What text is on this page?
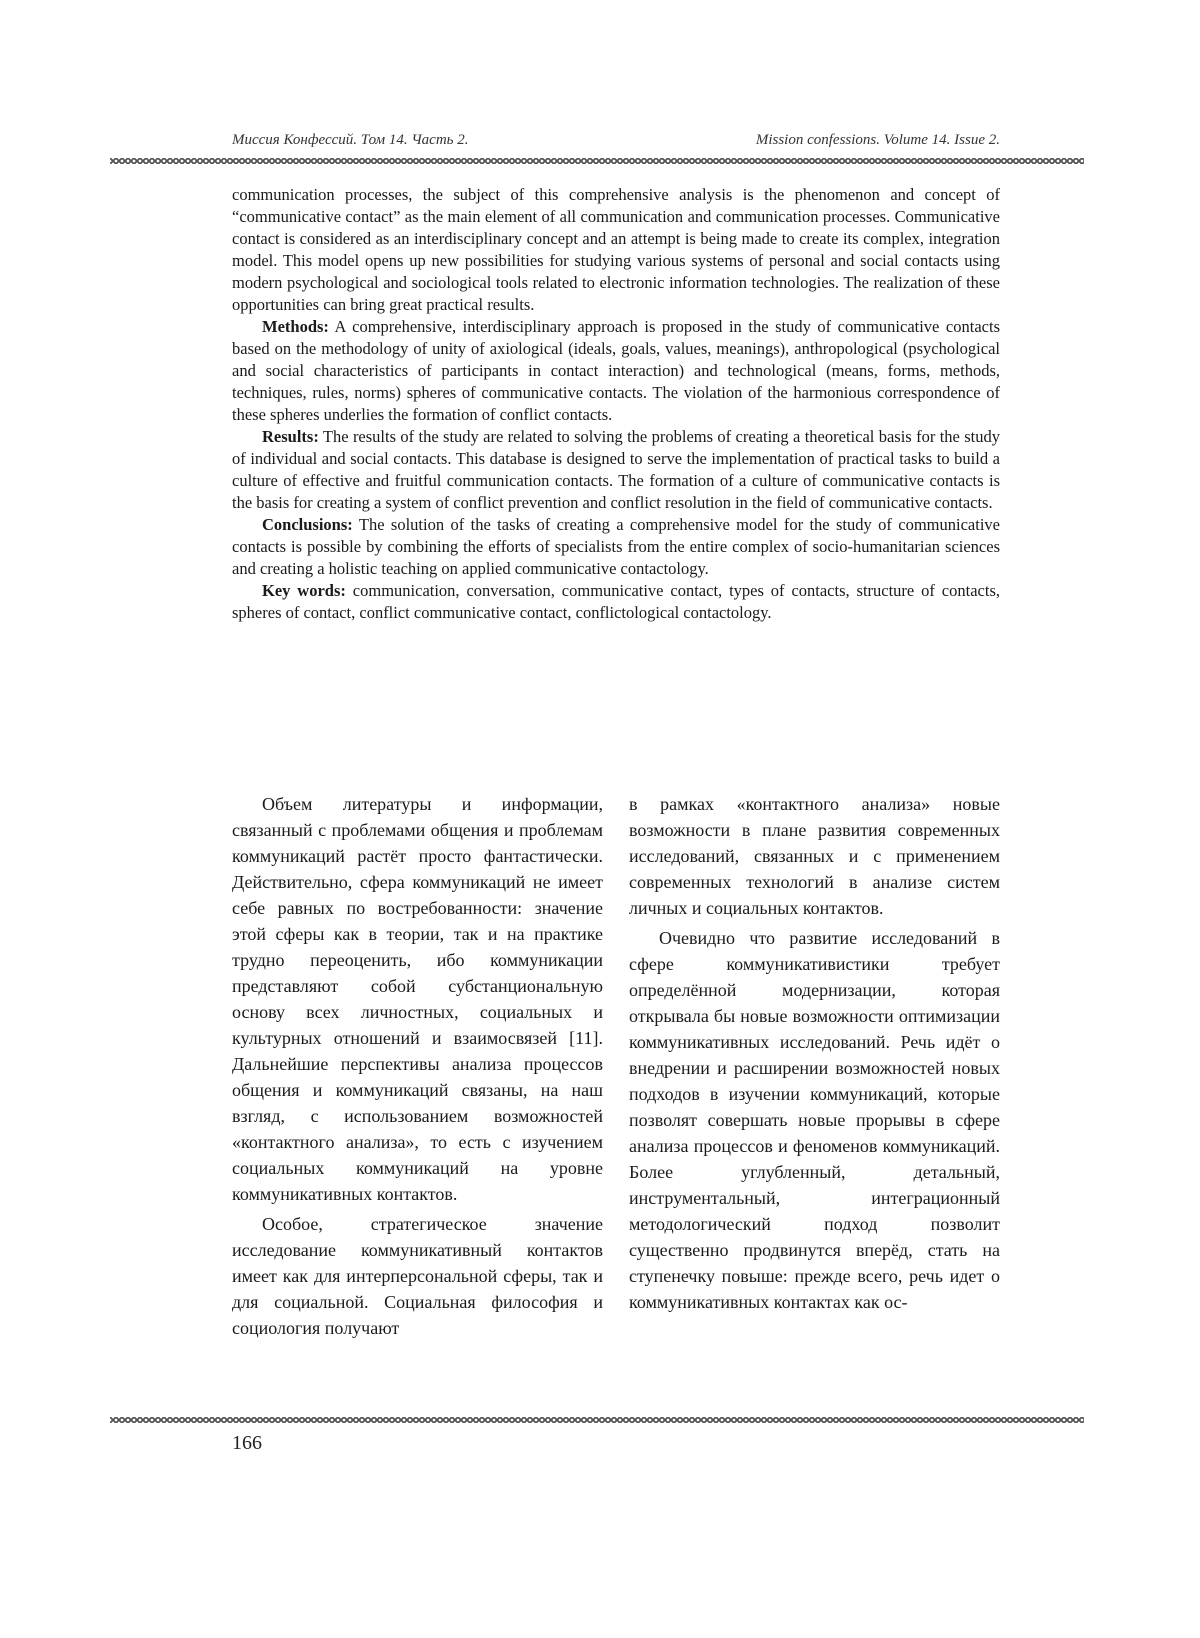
Миссия Конфессий. Том 14. Часть 2.	Mission confessions. Volume 14. Issue 2.

communication processes, the subject of this comprehensive analysis is the phenomenon and concept of “communicative contact” as the main element of all communication and communication processes. Communicative contact is considered as an interdisciplinary concept and an attempt is being made to create its complex, integration model. This model opens up new possibilities for studying various systems of personal and social contacts using modern psychological and sociological tools related to electronic information technologies. The realization of these opportunities can bring great practical results.

Methods: A comprehensive, interdisciplinary approach is proposed in the study of communicative contacts based on the methodology of unity of axiological (ideals, goals, values, meanings), anthropological (psychological and social characteristics of participants in contact interaction) and technological (means, forms, methods, techniques, rules, norms) spheres of communicative contacts. The violation of the harmonious correspondence of these spheres underlies the formation of conflict contacts.

Results: The results of the study are related to solving the problems of creating a theoretical basis for the study of individual and social contacts. This database is designed to serve the implementation of practical tasks to build a culture of effective and fruitful communication contacts. The formation of a culture of communicative contacts is the basis for creating a system of conflict prevention and conflict resolution in the field of communicative contacts.

Conclusions: The solution of the tasks of creating a comprehensive model for the study of communicative contacts is possible by combining the efforts of specialists from the entire complex of socio-humanitarian sciences and creating a holistic teaching on applied communicative contactology.

Key words: communication, conversation, communicative contact, types of contacts, structure of contacts, spheres of contact, conflict communicative contact, conflictological contactology.

Объем литературы и информации, связанный с проблемами общения и проблемам коммуникаций растёт просто фантастически. Действительно, сфера коммуникаций не имеет себе равных по востребованности: значение этой сферы как в теории, так и на практике трудно переоценить, ибо коммуникации представляют собой субстанциональную основу всех личностных, социальных и культурных отношений и взаимосвязей [11]. Дальнейшие перспективы анализа процессов общения и коммуникаций связаны, на наш взгляд, с использованием возможностей «контактного анализа», то есть с изучением социальных коммуникаций на уровне коммуникативных контактов.

Особое, стратегическое значение исследование коммуникативный контактов имеет как для интерперсональной сферы, так и для социальной. Социальная философия и социология получают

в рамках «контактного анализа» новые возможности в плане развития современных исследований, связанных и с применением современных технологий в анализе систем личных и социальных контактов.

Очевидно что развитие исследований в сфере коммуникативистики требует определённой модернизации, которая открывала бы новые возможности оптимизации коммуникативных исследований. Речь идёт о внедрении и расширении возможностей новых подходов в изучении коммуникаций, которые позволят совершать новые прорывы в сфере анализа процессов и феноменов коммуникаций. Более углубленный, детальный, инструментальный, интеграционный методологический подход позволит существенно продвинутся вперёд, стать на ступенечку повыше: прежде всего, речь идет о коммуникативных контактах как ос-

166
